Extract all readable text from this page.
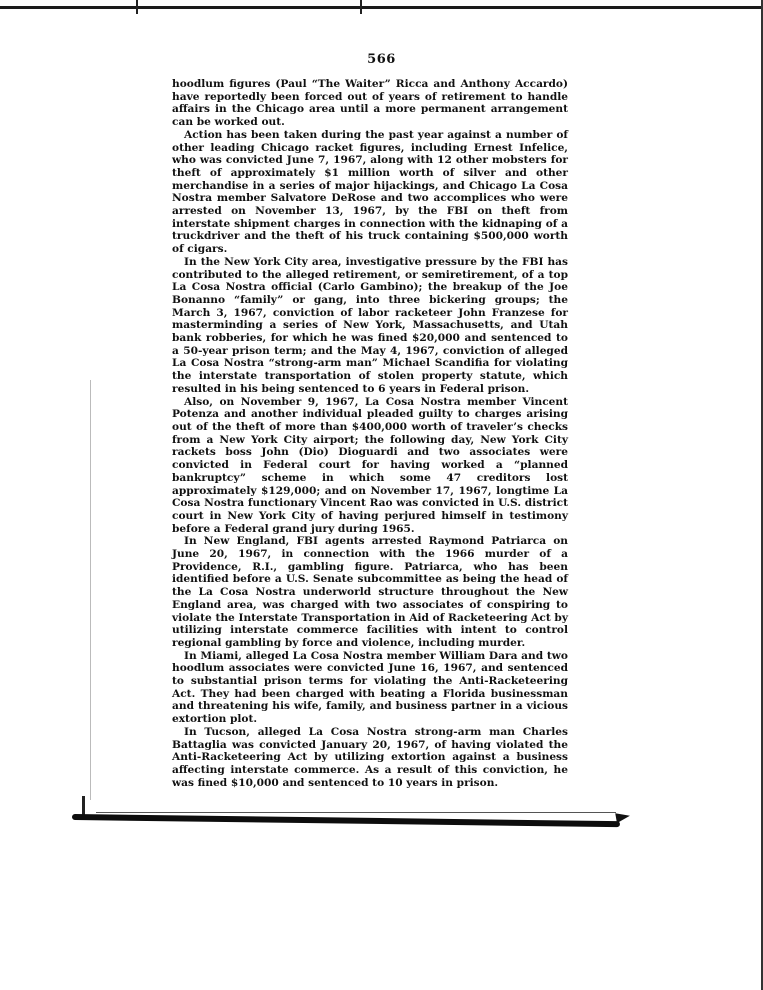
566

hoodlum figures (Paul “The Waiter” Ricca and Anthony Accardo) have reportedly been forced out of years of retirement to handle affairs in the Chicago area until a more permanent arrangement can be worked out.

Action has been taken during the past year against a number of other leading Chicago racket figures, including Ernest Infelice, who was convicted June 7, 1967, along with 12 other mobsters for theft of approximately $1 million worth of silver and other merchandise in a series of major hijackings, and Chicago La Cosa Nostra member Salvatore DeRose and two accomplices who were arrested on November 13, 1967, by the FBI on theft from interstate shipment charges in connection with the kidnaping of a truckdriver and the theft of his truck containing $500,000 worth of cigars.

In the New York City area, investigative pressure by the FBI has contributed to the alleged retirement, or semiretirement, of a top La Cosa Nostra official (Carlo Gambino); the breakup of the Joe Bonanno “family” or gang, into three bickering groups; the March 3, 1967, conviction of labor racketeer John Franzese for masterminding a series of New York, Massachusetts, and Utah bank robberies, for which he was fined $20,000 and sentenced to a 50-year prison term; and the May 4, 1967, conviction of alleged La Cosa Nostra “strong-arm man” Michael Scandifia for violating the interstate transportation of stolen property statute, which resulted in his being sentenced to 6 years in Federal prison.

Also, on November 9, 1967, La Cosa Nostra member Vincent Potenza and another individual pleaded guilty to charges arising out of the theft of more than $400,000 worth of traveler’s checks from a New York City airport; the following day, New York City rackets boss John (Dio) Dioguardi and two associates were convicted in Federal court for having worked a “planned bankruptcy” scheme in which some 47 creditors lost approximately $129,000; and on November 17, 1967, longtime La Cosa Nostra functionary Vincent Rao was convicted in U.S. district court in New York City of having perjured himself in testimony before a Federal grand jury during 1965.

In New England, FBI agents arrested Raymond Patriarca on June 20, 1967, in connection with the 1966 murder of a Providence, R.I., gambling figure. Patriarca, who has been identified before a U.S. Senate subcommittee as being the head of the La Cosa Nostra underworld structure throughout the New England area, was charged with two associates of conspiring to violate the Interstate Transportation in Aid of Racketeering Act by utilizing interstate commerce facilities with intent to control regional gambling by force and violence, including murder.

In Miami, alleged La Cosa Nostra member William Dara and two hoodlum associates were convicted June 16, 1967, and sentenced to substantial prison terms for violating the Anti-Racketeering Act. They had been charged with beating a Florida businessman and threatening his wife, family, and business partner in a vicious extortion plot.

In Tucson, alleged La Cosa Nostra strong-arm man Charles Battaglia was convicted January 20, 1967, of having violated the Anti-Racketeering Act by utilizing extortion against a business affecting interstate commerce. As a result of this conviction, he was fined $10,000 and sentenced to 10 years in prison.
